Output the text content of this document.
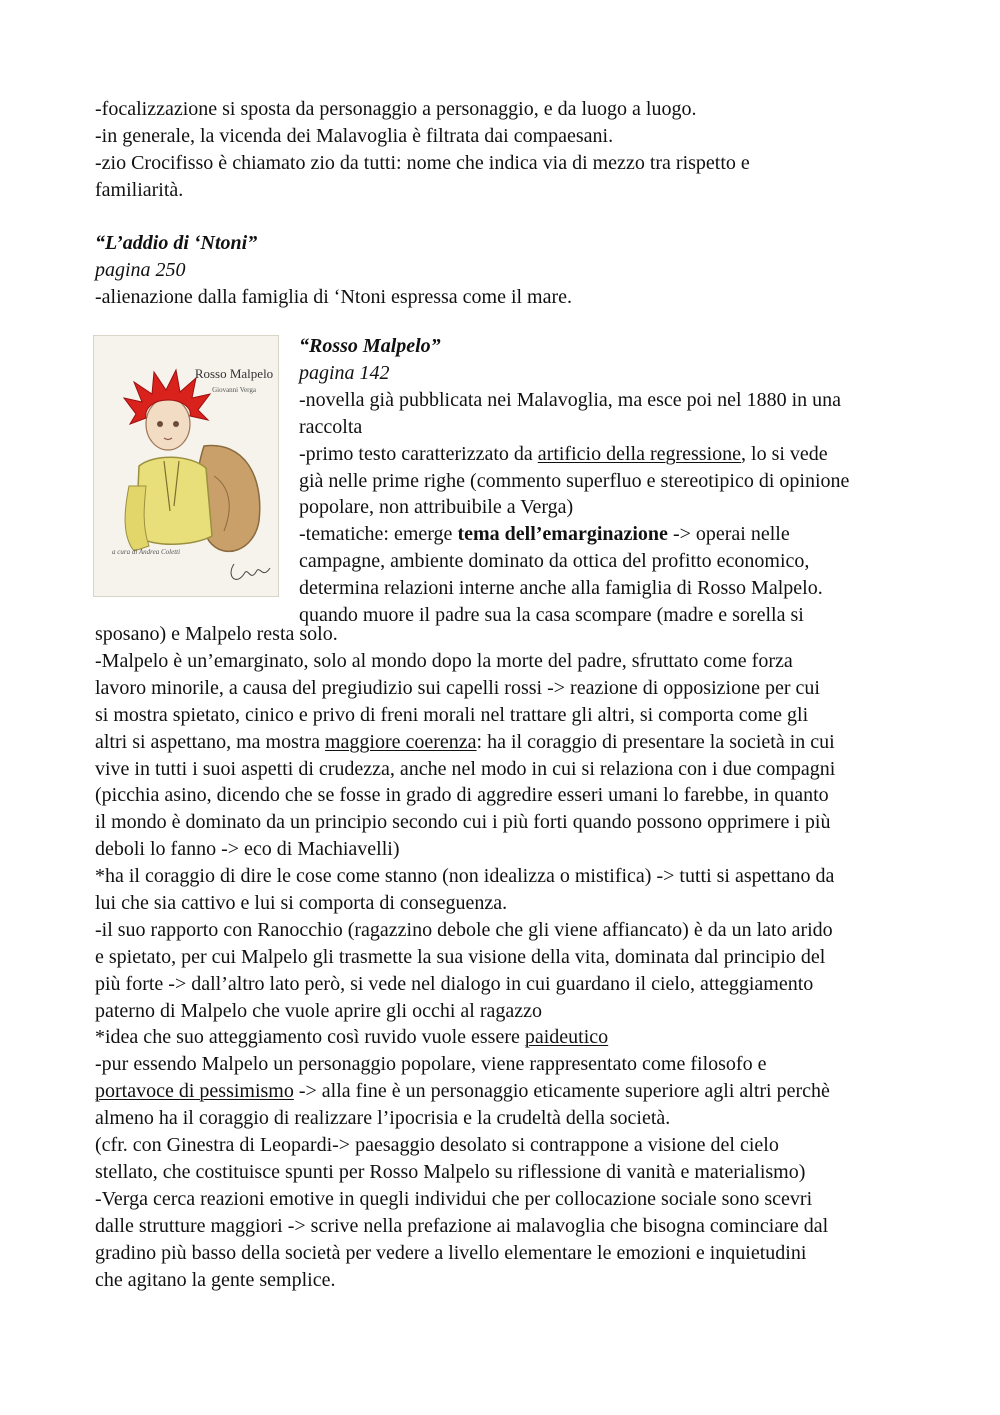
-focalizzazione si sposta da personaggio a personaggio, e da luogo a luogo.
-in generale, la vicenda dei Malavoglia è filtrata dai compaesani.
-zio Crocifisso è chiamato zio da tutti: nome che indica via di mezzo tra rispetto e
familiarità.
“L’addio di ‘Ntoni”
pagina 250
-alienazione dalla famiglia di ‘Ntoni espressa come il mare.
Rosso Malpelo
Giovanni Verga
a cura di Andrea Coletti
“Rosso Malpelo”
pagina 142
-novella già pubblicata nei Malavoglia, ma esce poi nel 1880 in una
raccolta
-primo testo caratterizzato da artificio della regressione, lo si vede
già nelle prime righe (commento superfluo e stereotipico di opinione
popolare, non attribuibile a Verga)
-tematiche: emerge tema dell’emarginazione -> operai nelle
campagne, ambiente dominato da ottica del profitto economico,
determina relazioni interne anche alla famiglia di Rosso Malpelo.
quando muore il padre sua la casa scompare (madre e sorella si
sposano) e Malpelo resta solo.
-Malpelo è un’emarginato, solo al mondo dopo la morte del padre, sfruttato come forza
lavoro minorile, a causa del pregiudizio sui capelli rossi -> reazione di opposizione per cui
si mostra spietato, cinico e privo di freni morali nel trattare gli altri, si comporta come gli
altri si aspettano, ma mostra maggiore coerenza: ha il coraggio di presentare la società in cui
vive in tutti i suoi aspetti di crudezza, anche nel modo in cui si relaziona con i due compagni
(picchia asino, dicendo che se fosse in grado di aggredire esseri umani lo farebbe, in quanto
il mondo è dominato da un principio secondo cui i più forti quando possono opprimere i più
deboli lo fanno -> eco di Machiavelli)
*ha il coraggio di dire le cose come stanno (non idealizza o mistifica) -> tutti si aspettano da
lui che sia cattivo e lui si comporta di conseguenza.
-il suo rapporto con Ranocchio (ragazzino debole che gli viene affiancato) è da un lato arido
e spietato, per cui Malpelo gli trasmette la sua visione della vita, dominata dal principio del
più forte -> dall’altro lato però, si vede nel dialogo in cui guardano il cielo, atteggiamento
paterno di Malpelo che vuole aprire gli occhi al ragazzo
*idea che suo atteggiamento così ruvido vuole essere paideutico
-pur essendo Malpelo un personaggio popolare, viene rappresentato come filosofo e
portavoce di pessimismo -> alla fine è un personaggio eticamente superiore agli altri perchè
almeno ha il coraggio di realizzare l’ipocrisia e la crudeltà della società.
(cfr. con Ginestra di Leopardi-> paesaggio desolato si contrappone a visione del cielo
stellato, che costituisce spunti per Rosso Malpelo su riflessione di vanità e materialismo)
-Verga cerca reazioni emotive in quegli individui che per collocazione sociale sono scevri
dalle strutture maggiori -> scrive nella prefazione ai malavoglia che bisogna cominciare dal
gradino più basso della società per vedere a livello elementare le emozioni e inquietudini
che agitano la gente semplice.
